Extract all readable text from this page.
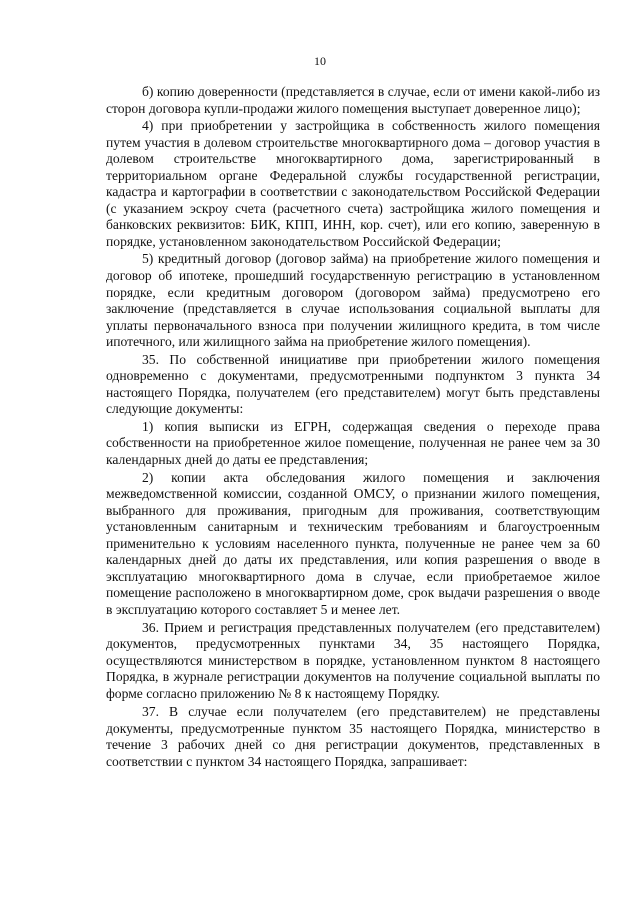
10

б) копию доверенности (представляется в случае, если от имени какой-либо из сторон договора купли-продажи жилого помещения выступает доверенное лицо);

4) при приобретении у застройщика в собственность жилого помещения путем участия в долевом строительстве многоквартирного дома – договор участия в долевом строительстве многоквартирного дома, зарегистрированный в территориальном органе Федеральной службы государственной регистрации, кадастра и картографии в соответствии с законодательством Российской Федерации (с указанием эскроу счета (расчетного счета) застройщика жилого помещения и банковских реквизитов: БИК, КПП, ИНН, кор. счет), или его копию, заверенную в порядке, установленном законодательством Российской Федерации;

5) кредитный договор (договор займа) на приобретение жилого помещения и договор об ипотеке, прошедший государственную регистрацию в установленном порядке, если кредитным договором (договором займа) предусмотрено его заключение (представляется в случае использования социальной выплаты для уплаты первоначального взноса при получении жилищного кредита, в том числе ипотечного, или жилищного займа на приобретение жилого помещения).

35. По собственной инициативе при приобретении жилого помещения одновременно с документами, предусмотренными подпунктом 3 пункта 34 настоящего Порядка, получателем (его представителем) могут быть представлены следующие документы:

1) копия выписки из ЕГРН, содержащая сведения о переходе права собственности на приобретенное жилое помещение, полученная не ранее чем за 30 календарных дней до даты ее представления;

2) копии акта обследования жилого помещения и заключения межведомственной комиссии, созданной ОМСУ, о признании жилого помещения, выбранного для проживания, пригодным для проживания, соответствующим установленным санитарным и техническим требованиям и благоустроенным применительно к условиям населенного пункта, полученные не ранее чем за 60 календарных дней до даты их представления, или копия разрешения о вводе в эксплуатацию многоквартирного дома в случае, если приобретаемое жилое помещение расположено в многоквартирном доме, срок выдачи разрешения о вводе в эксплуатацию которого составляет 5 и менее лет.

36. Прием и регистрация представленных получателем (его представителем) документов, предусмотренных пунктами 34, 35 настоящего Порядка, осуществляются министерством в порядке, установленном пунктом 8 настоящего Порядка, в журнале регистрации документов на получение социальной выплаты по форме согласно приложению № 8 к настоящему Порядку.

37. В случае если получателем (его представителем) не представлены документы, предусмотренные пунктом 35 настоящего Порядка, министерство в течение 3 рабочих дней со дня регистрации документов, представленных в соответствии с пунктом 34 настоящего Порядка, запрашивает:
